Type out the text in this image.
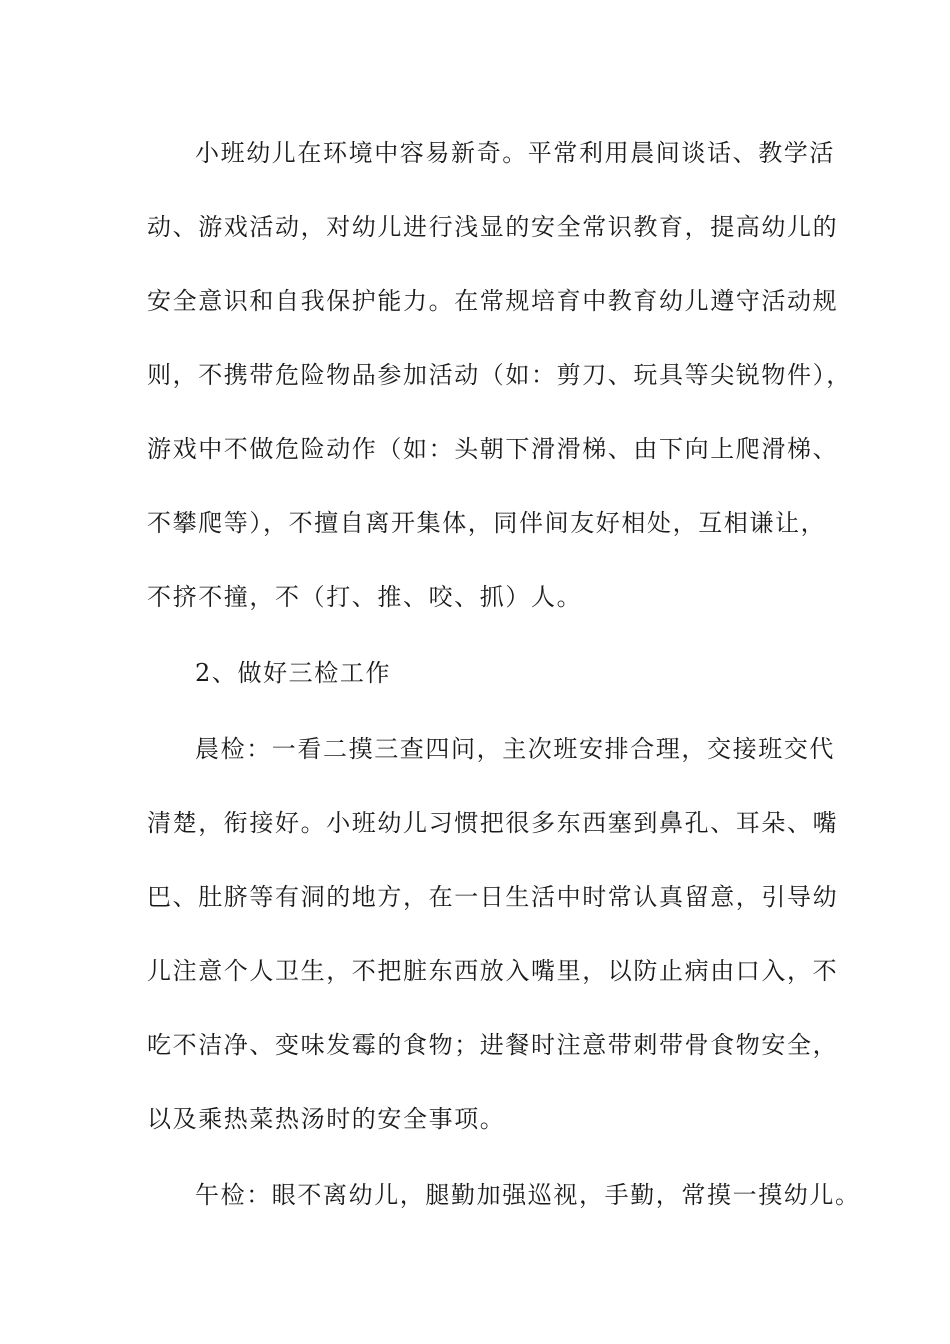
小班幼儿在环境中容易新奇。平常利用晨间谈话、教学活
动、游戏活动，对幼儿进行浅显的安全常识教育，提高幼儿的
安全意识和自我保护能力。在常规培育中教育幼儿遵守活动规
则，不携带危险物品参加活动（如：剪刀、玩具等尖锐物件），
游戏中不做危险动作（如：头朝下滑滑梯、由下向上爬滑梯、
不攀爬等），不擅自离开集体，同伴间友好相处，互相谦让，
不挤不撞，不（打、推、咬、抓）人。
2、做好三检工作
晨检：一看二摸三查四问，主次班安排合理，交接班交代
清楚，衔接好。小班幼儿习惯把很多东西塞到鼻孔、耳朵、嘴
巴、肚脐等有洞的地方，在一日生活中时常认真留意，引导幼
儿注意个人卫生，不把脏东西放入嘴里，以防止病由口入，不
吃不洁净、变味发霉的食物；进餐时注意带刺带骨食物安全，
以及乘热菜热汤时的安全事项。
午检：眼不离幼儿，腿勤加强巡视，手勤，常摸一摸幼儿。
